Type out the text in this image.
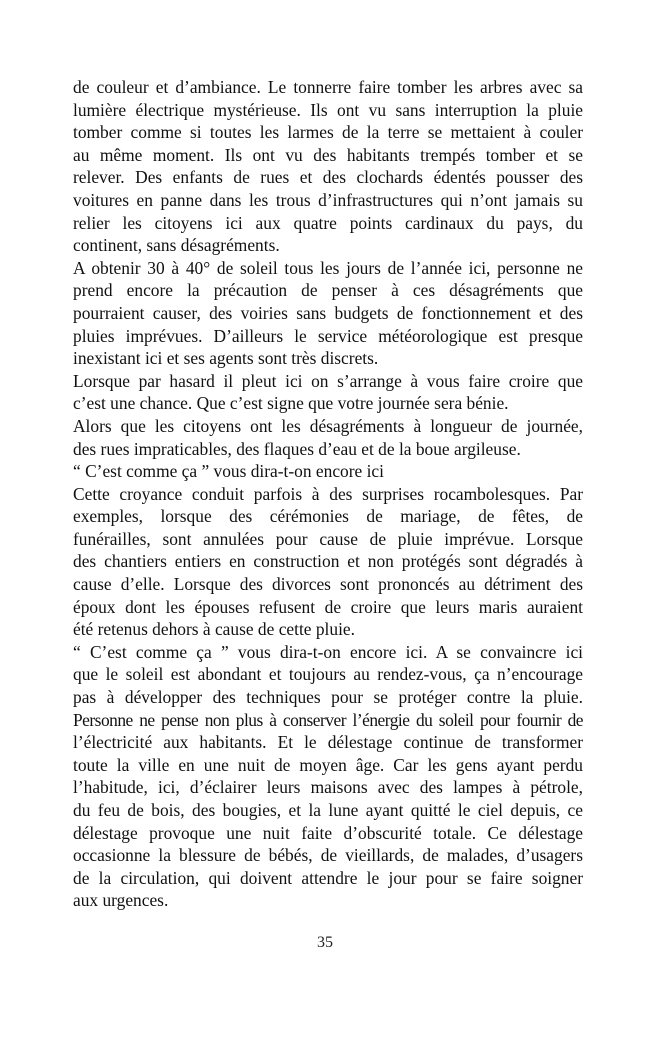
de couleur et d’ambiance. Le tonnerre faire tomber les arbres avec sa
lumière électrique mystérieuse. Ils ont vu sans interruption la pluie
tomber comme si toutes les larmes de la terre se mettaient à couler
au même moment. Ils ont vu des habitants trempés tomber et se
relever. Des enfants de rues et des clochards édentés pousser des
voitures en panne dans les trous d’infrastructures qui n’ont jamais su
relier les citoyens ici aux quatre points cardinaux du pays, du
continent, sans désagréments.
A obtenir 30 à 40° de soleil tous les jours de l’année ici, personne ne
prend encore la précaution de penser à ces désagréments que
pourraient causer, des voiries sans budgets de fonctionnement et des
pluies imprévues. D’ailleurs le service météorologique est presque
inexistant ici et ses agents sont très discrets.
Lorsque par hasard il pleut ici on s’arrange à vous faire croire que
c’est une chance. Que c’est signe que votre journée sera bénie.
Alors que les citoyens ont les désagréments à longueur de journée,
des rues impraticables, des flaques d’eau et de la boue argileuse.
“ C’est comme ça ” vous dira-t-on encore ici
Cette croyance conduit parfois à des surprises rocambolesques. Par
exemples, lorsque des cérémonies de mariage, de fêtes, de
funérailles, sont annulées pour cause de pluie imprévue. Lorsque
des chantiers entiers en construction et non protégés sont dégradés à
cause d’elle. Lorsque des divorces sont prononcés au détriment des
époux dont les épouses refusent de croire que leurs maris auraient
été retenus dehors à cause de cette pluie.
“ C’est comme ça ” vous dira-t-on encore ici. A se convaincre ici
que le soleil est abondant et toujours au rendez-vous, ça n’encourage
pas à développer des techniques pour se protéger contre la pluie.
Personne ne pense non plus à conserver l’énergie du soleil pour fournir de
l’électricité aux habitants. Et le délestage continue de transformer
toute la ville en une nuit de moyen âge. Car les gens ayant perdu
l’habitude, ici, d’éclairer leurs maisons avec des lampes à pétrole,
du feu de bois, des bougies, et la lune ayant quitté le ciel depuis, ce
délestage provoque une nuit faite d’obscurité totale. Ce délestage
occasionne la blessure de bébés, de vieillards, de malades, d’usagers
de la circulation, qui doivent attendre le jour pour se faire soigner
aux urgences.
35
